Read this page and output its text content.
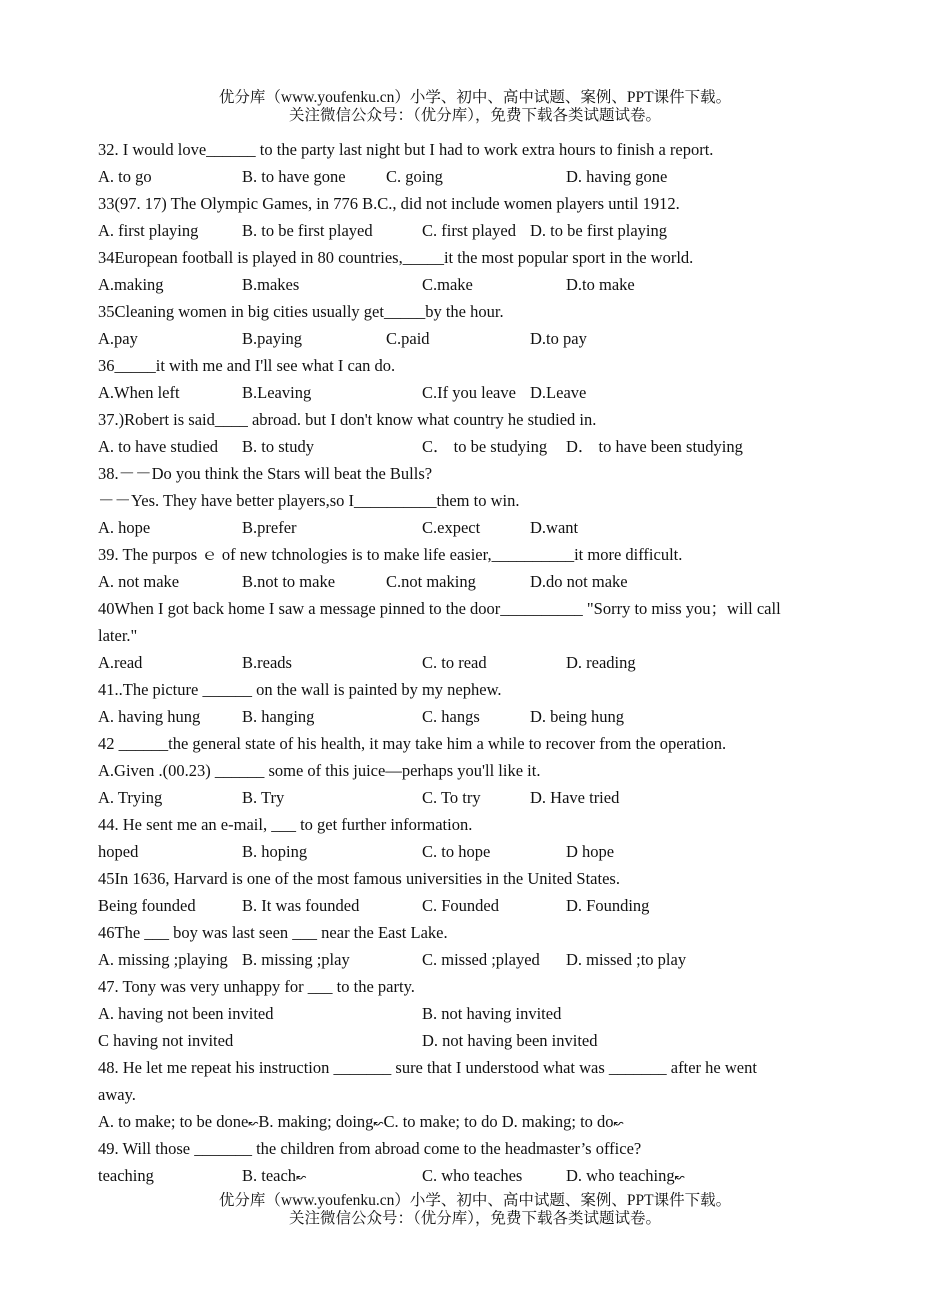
优分库（www.youfenku.cn）小学、初中、高中试题、案例、PPT课件下载。
关注微信公众号：（优分库），免费下载各类试题试卷。
32. I would love______ to the party last night but I had to work extra hours to finish a report.
A. to go	B. to have gone C. going	D. having gone
33(97. 17) The Olympic Games, in 776 B.C., did not include women players until 1912.
A. first playing	B. to be first played	C. first played D. to be first playing
34European football is played in 80 countries,_____it the most popular sport in the world.
A.making	B.makes	C.make	D.to make
35Cleaning women in big cities usually get_____by the hour.
A.pay	B.paying	C.paid	D.to pay
36_____it with me and I'll see what I can do.
A.When left	B.Leaving	C.If you leave D.Leave
37.)Robert is said____ abroad. but I don't know what country he studied in.
A. to have studied B. to study	C． to be studying D． to have been studying
38.－－Do you think the Stars will beat the Bulls?
－－Yes. They have better players,so I__________them to win.
A. hope	B.prefer	C.expect	D.want
39. The purpos ｅ of new tchnologies is to make life easier,__________it more difficult.
A. not make	B.not to make	C.not making	D.do not make
40When I got back home I saw a message pinned to the door__________ "Sorry to miss you；will call
later."
A.read	B.reads	C. to read	D. reading
41..The picture ______ on the wall is painted by my nephew.
A. having hung	B. hanging	C. hangs	D. being hung
42 ______the general state of his health, it may take him a while to recover from the operation.
A.Given .(00.23) ______ some of this juice—perhaps you'll like it.
A. Trying	B. Try	C. To try	D. Have tried
44. He sent me an e-mail, ___ to get further information.
hoped	B. hoping	C. to hope	D hope
45In 1636, Harvard is one of the most famous universities in the United States.
Being founded	B. It was founded	C. Founded	D. Founding
46The ___ boy was last seen ___ near the East Lake.
A. missing ;playing B. missing ;play	C. missed ;played D. missed ;to play
47. Tony was very unhappy for ___ to the party.
A. having not been invited	B. not having invited
C having not invited	D. not having been invited
48. He let me repeat his instruction _______ sure that I understood what was _______ after he went
away.
A. to make; to be done↜B. making; doing↜C. to make; to do D. making; to do↜
49. Will those _______ the children from abroad come to the headmaster’s office?
teaching	B. teach↜	C. who teaches	D. who teaching↜
优分库（www.youfenku.cn）小学、初中、高中试题、案例、PPT课件下载。
关注微信公众号：（优分库），免费下载各类试题试卷。
